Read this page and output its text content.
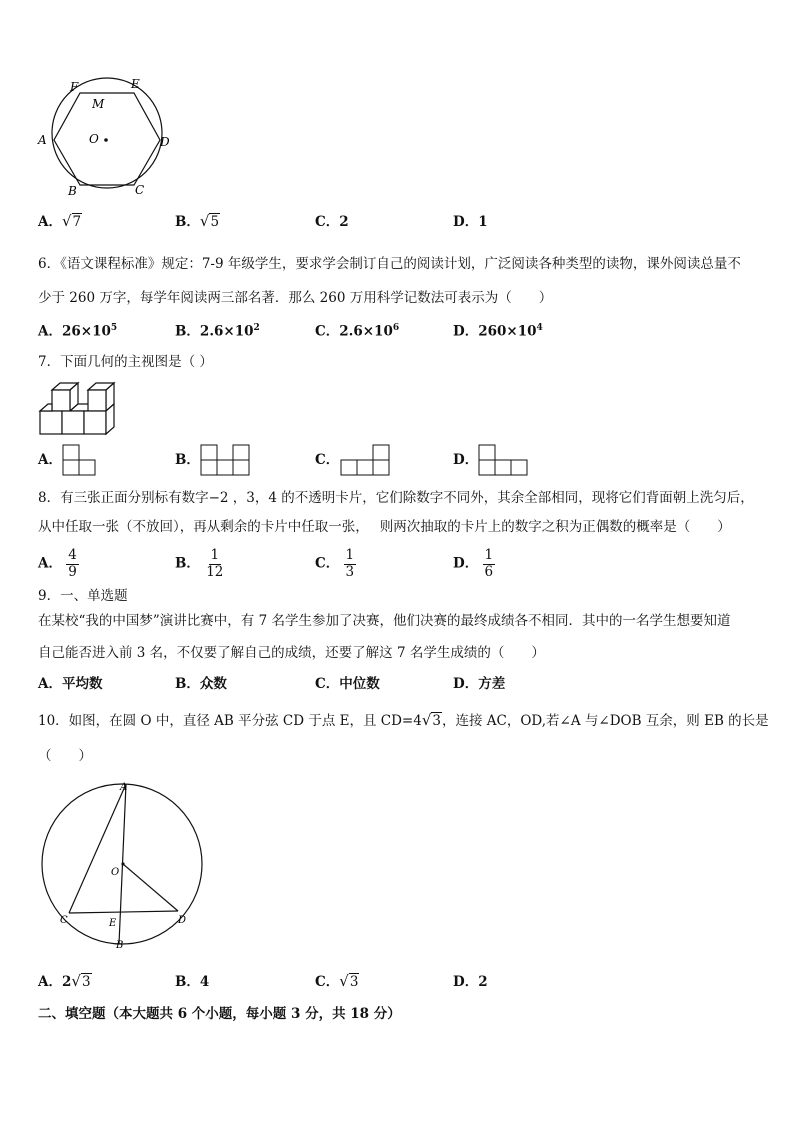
F	E
M
A	O	D
B	C
A．√7	B．√5	C．2	D．1
6．《语文课程标准》规定：7-9 年级学生，要求学会制订自己的阅读计划，广泛阅读各种类型的读物，课外阅读总量不
少于 260 万字，每学年阅读两三部名著．那么 260 万用科学记数法可表示为（　　）
A．$26\times 10^5$	B．$2.6\times 10^2$	C．$2.6\times 10^6$	D．$260\times 10^4$
7．下面几何的主视图是（ ）
A．	B．	C．	D．
8．有三张正面分别标有数字−2 ，3，4 的不透明卡片，它们除数字不同外，其余全部相同，现将它们背面朝上洗匀后，
从中任取一张（不放回），再从剩余的卡片中任取一张，　 则两次抽取的卡片上的数字之积为正偶数的概率是（　　）
A． $\frac{4}{9}$	B． $\frac{1}{12}$	C． $\frac{1}{3}$	D． $\frac{1}{6}$
9．一、单选题
在某校“我的中国梦”演讲比赛中，有 7 名学生参加了决赛，他们决赛的最终成绩各不相同．其中的一名学生想要知道
自己能否进入前 3 名，不仅要了解自己的成绩，还要了解这 7 名学生成绩的（　　）
A．平均数	B．众数	C．中位数	D．方差
10．如图，在圆 O 中，直径 AB 平分弦 CD 于点 E，且 CD=4√3，连接 AC，OD,若∠A 与∠DOB 互余，则 EB 的长是
（　　）
A
O
C	E	D
B
A．2√3	B．4	C．√3	D．2
二、填空题（本大题共 6 个小题，每小题 3 分，共 18 分）
